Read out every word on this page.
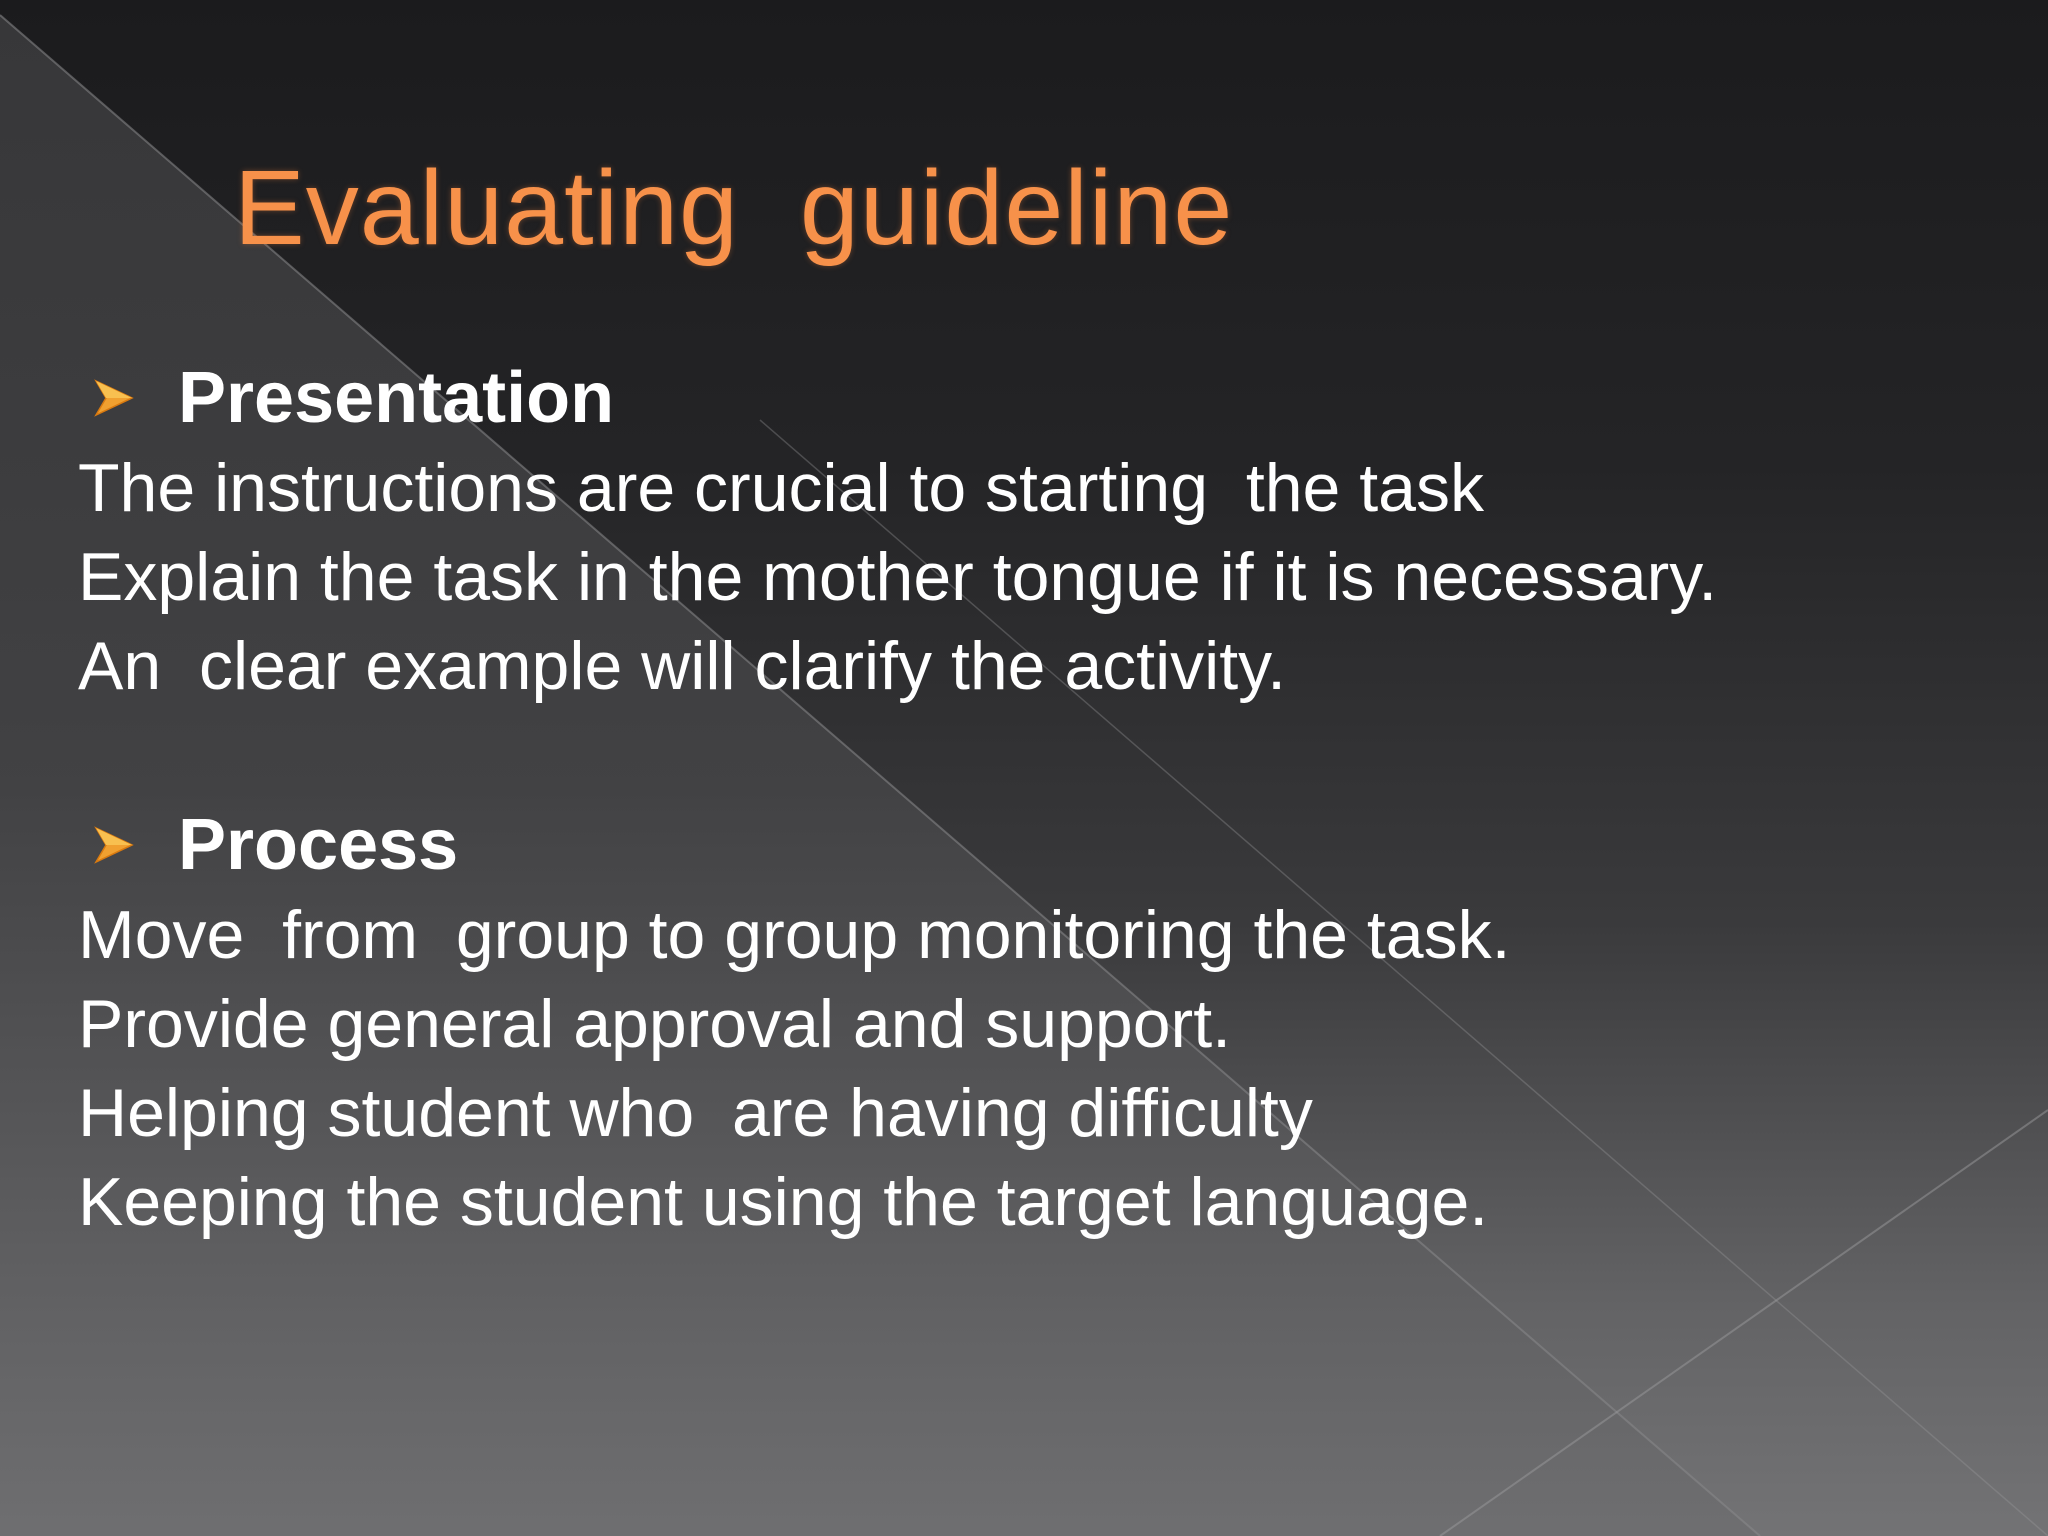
Evaluating  guideline
Presentation

The instructions are crucial to starting  the task

Explain the task in the mother tongue if it is necessary.

An  clear example will clarify the activity.

Process

Move  from  group to group monitoring the task.

Provide general approval and support.

Helping student who  are having difficulty

Keeping the student using the target language.
